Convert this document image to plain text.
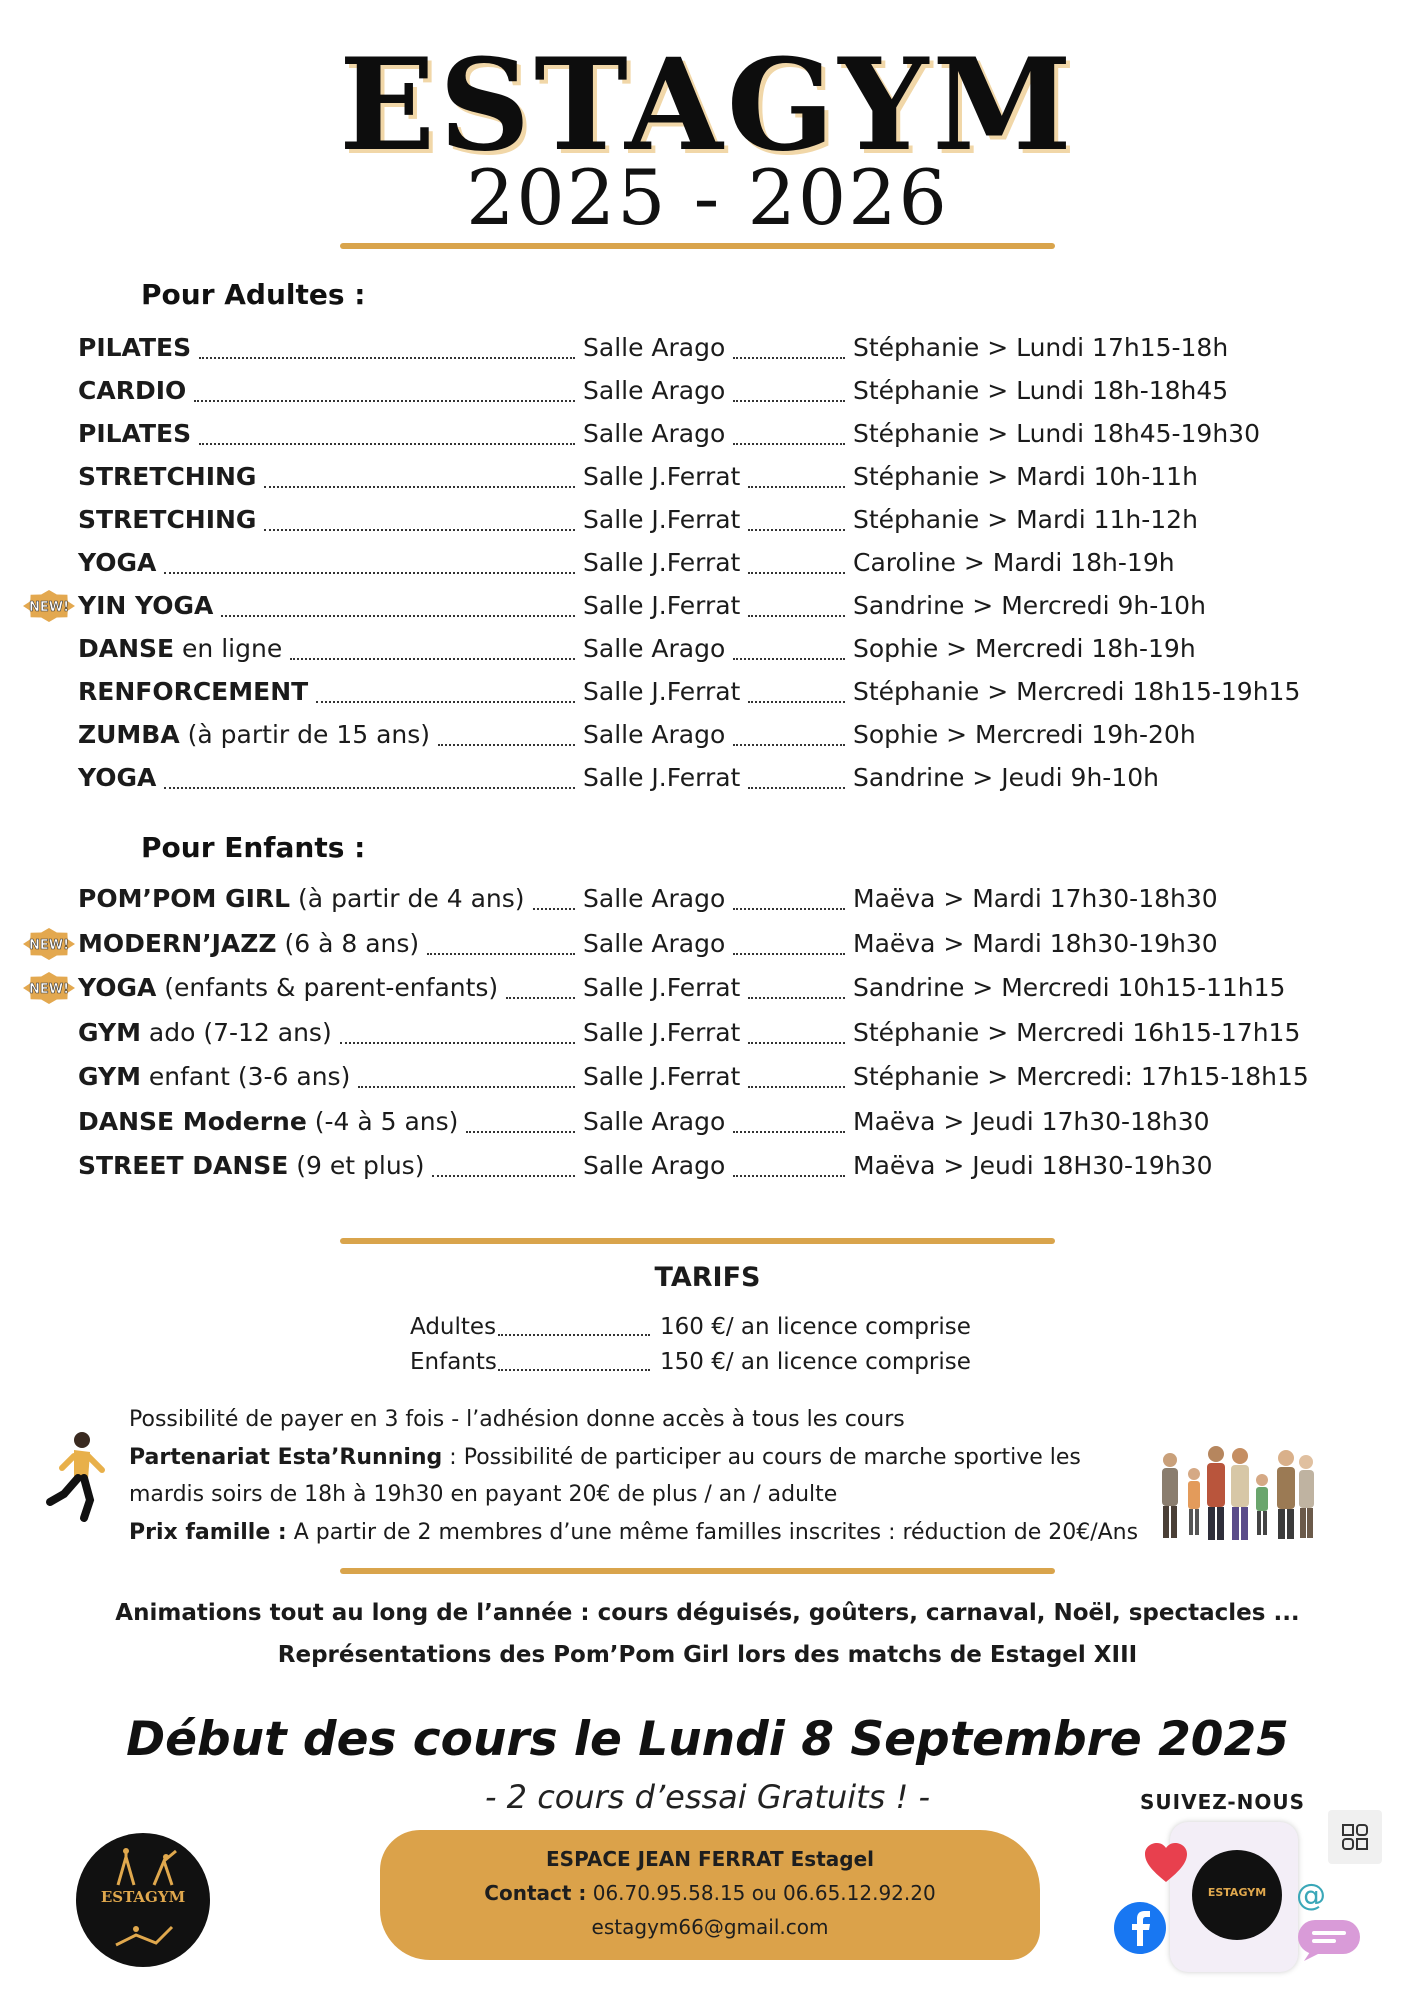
ESTAGYM
2025 - 2026
Pour Adultes :
PILATES	Salle Arago	Stéphanie > Lundi 17h15-18h
CARDIO	Salle Arago	Stéphanie > Lundi 18h-18h45
PILATES	Salle Arago	Stéphanie > Lundi 18h45-19h30
STRETCHING	Salle J.Ferrat	Stéphanie > Mardi 10h-11h
STRETCHING	Salle J.Ferrat	Stéphanie > Mardi 11h-12h
YOGA	Salle J.Ferrat	Caroline > Mardi 18h-19h
YIN YOGA	Salle J.Ferrat	Sandrine > Mercredi 9h-10h
NEW!
DANSE en ligne	Salle Arago	Sophie > Mercredi 18h-19h
RENFORCEMENT	Salle J.Ferrat	Stéphanie > Mercredi 18h15-19h15
ZUMBA (à partir de 15 ans)	Salle Arago	Sophie > Mercredi 19h-20h
YOGA	Salle J.Ferrat	Sandrine > Jeudi 9h-10h
Pour Enfants :
POM’POM GIRL (à partir de 4 ans) Salle Arago	Maëva > Mardi 17h30-18h30
MODERN’JAZZ (6 à 8 ans)	Salle Arago	Maëva > Mardi 18h30-19h30
NEW!
YOGA (enfants & parent-enfants)	Salle J.Ferrat	Sandrine > Mercredi 10h15-11h15
NEW!
GYM ado (7-12 ans)	Salle J.Ferrat	Stéphanie > Mercredi 16h15-17h15
GYM enfant (3-6 ans)	Salle J.Ferrat	Stéphanie > Mercredi: 17h15-18h15
DANSE Moderne (-4 à 5 ans)	Salle Arago	Maëva > Jeudi 17h30-18h30
STREET DANSE (9 et plus)	Salle Arago	Maëva > Jeudi 18H30-19h30
TARIFS
Adultes	160 €/ an licence comprise
Enfants	150 €/ an licence comprise
Possibilité de payer en 3 fois - l’adhésion donne accès à tous les cours
Partenariat Esta’Running : Possibilité de participer au cours de marche sportive les
mardis soirs de 18h à 19h30 en payant 20€ de plus / an / adulte
Prix famille : A partir de 2 membres d’une même familles inscrites : réduction de 20€/Ans
Animations tout au long de l’année : cours déguisés, goûters, carnaval, Noël, spectacles ...
Représentations des Pom’Pom Girl lors des matchs de Estagel XIII
Début des cours le Lundi 8 Septembre 2025
- 2 cours d’essai Gratuits ! -
ESTAGYM
ESPACE JEAN FERRAT Estagel
Contact : 06.70.95.58.15 ou 06.65.12.92.20
estagym66@gmail.com
SUIVEZ-NOUS
ESTAGYM @
